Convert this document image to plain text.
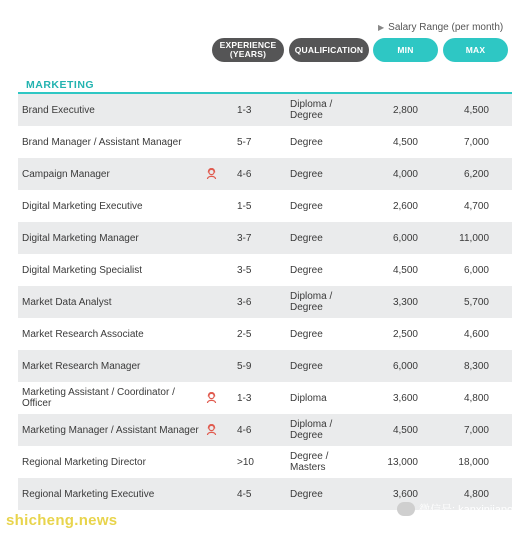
▶ Salary Range (per month)
EXPERIENCE
(YEARS)	QUALIFICATION	MIN	MAX
MARKETING
Brand Executive	1-3	Diploma / Degree	2,800	4,500
Brand Manager / Assistant Manager	5-7	Degree	4,500	7,000
Campaign Manager	4-6	Degree	4,000	6,200
Digital Marketing Executive	1-5	Degree	2,600	4,700
Digital Marketing Manager	3-7	Degree	6,000	11,000
Digital Marketing Specialist	3-5	Degree	4,500	6,000
Market Data Analyst	3-6	Diploma / Degree	3,300	5,700
Market Research Associate	2-5	Degree	2,500	4,600
Market Research Manager	5-9	Degree	6,000	8,300
Marketing Assistant / Coordinator / Officer	1-3	Diploma	3,600	4,800
Marketing Manager / Assistant Manager	4-6	Diploma / Degree	4,500	7,000
Regional Marketing Director	>10	Degree / Masters	13,000	18,000
Regional Marketing Executive	4-5	Degree	3,600	4,800
shicheng.news
微信号: kanxinjiapo
